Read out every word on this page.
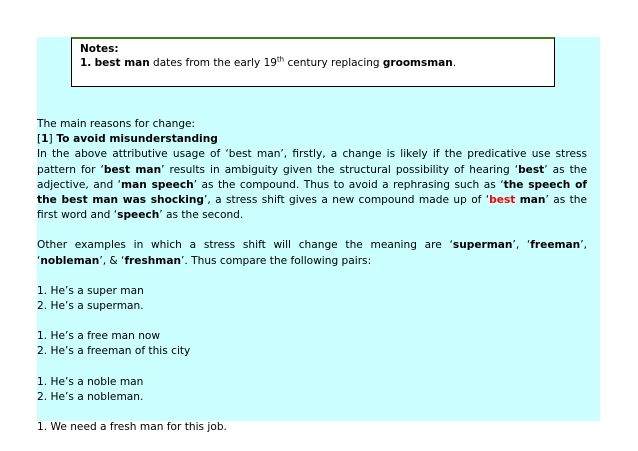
Notes:
1. best man dates from the early 19th century replacing groomsman.

The main reasons for change:

[1] To avoid misunderstanding

In the above attributive usage of ‘best man’, firstly, a change is likely if the predicative use stress pattern for ‘best man’ results in ambiguity given the structural possibility of hearing ‘best’ as the adjective, and ‘man speech’ as the compound. Thus to avoid a rephrasing such as ‘the speech of the best man was shocking’, a stress shift gives a new compound made up of ‘best man’ as the first word and ‘speech’ as the second.

Other examples in which a stress shift will change the meaning are ‘superman’, ‘freeman’, ‘nobleman’, & ‘freshman’. Thus compare the following pairs:

1. He’s a super man

2. He’s a superman.

1. He’s a free man now

2. He’s a freeman of this city

1. He’s a noble man

2. He’s a nobleman.

1. We need a fresh man for this job.
